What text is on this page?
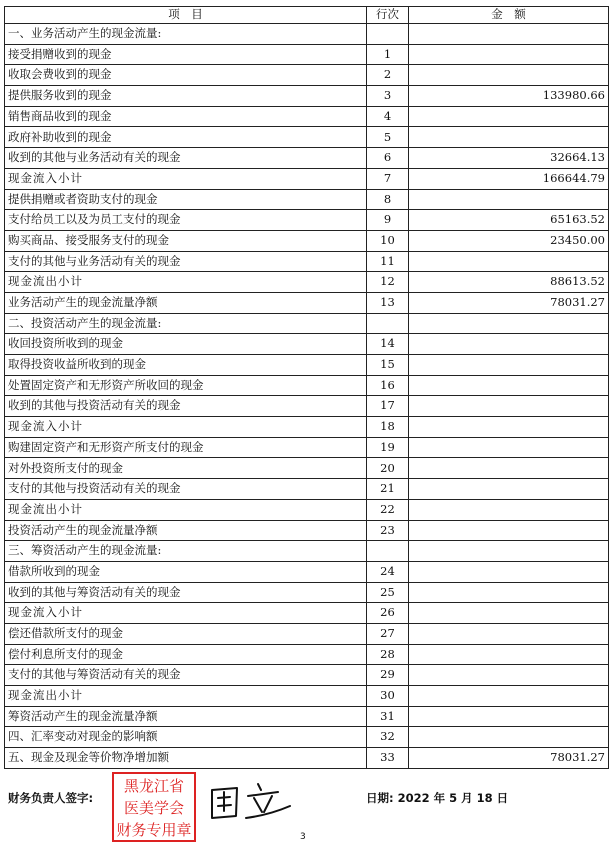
项　目	行次	金　额
一、业务活动产生的现金流量:		
接受捐赠收到的现金	1	
收取会费收到的现金	2	
提供服务收到的现金	3	133980.66
销售商品收到的现金	4	
政府补助收到的现金	5	
收到的其他与业务活动有关的现金	6	32664.13
现金流入小计	7	166644.79
提供捐赠或者资助支付的现金	8	
支付给员工以及为员工支付的现金	9	65163.52
购买商品、接受服务支付的现金	10	23450.00
支付的其他与业务活动有关的现金	11	
现金流出小计	12	88613.52
业务活动产生的现金流量净额	13	78031.27
二、投资活动产生的现金流量:		
收回投资所收到的现金	14	
取得投资收益所收到的现金	15	
处置固定资产和无形资产所收回的现金	16	
收到的其他与投资活动有关的现金	17	
现金流入小计	18	
购建固定资产和无形资产所支付的现金	19	
对外投资所支付的现金	20	
支付的其他与投资活动有关的现金	21	
现金流出小计	22	
投资活动产生的现金流量净额	23	
三、筹资活动产生的现金流量:		
借款所收到的现金	24	
收到的其他与筹资活动有关的现金	25	
现金流入小计	26	
偿还借款所支付的现金	27	
偿付利息所支付的现金	28	
支付的其他与筹资活动有关的现金	29	
现金流出小计	30	
筹资活动产生的现金流量净额	31	
四、汇率变动对现金的影响额	32	
五、现金及现金等价物净增加额	33	78031.27
财务负责人签字:
黑龙江省
医美学会
财务专用章
日期: 2022 年 5 月 18 日
3
